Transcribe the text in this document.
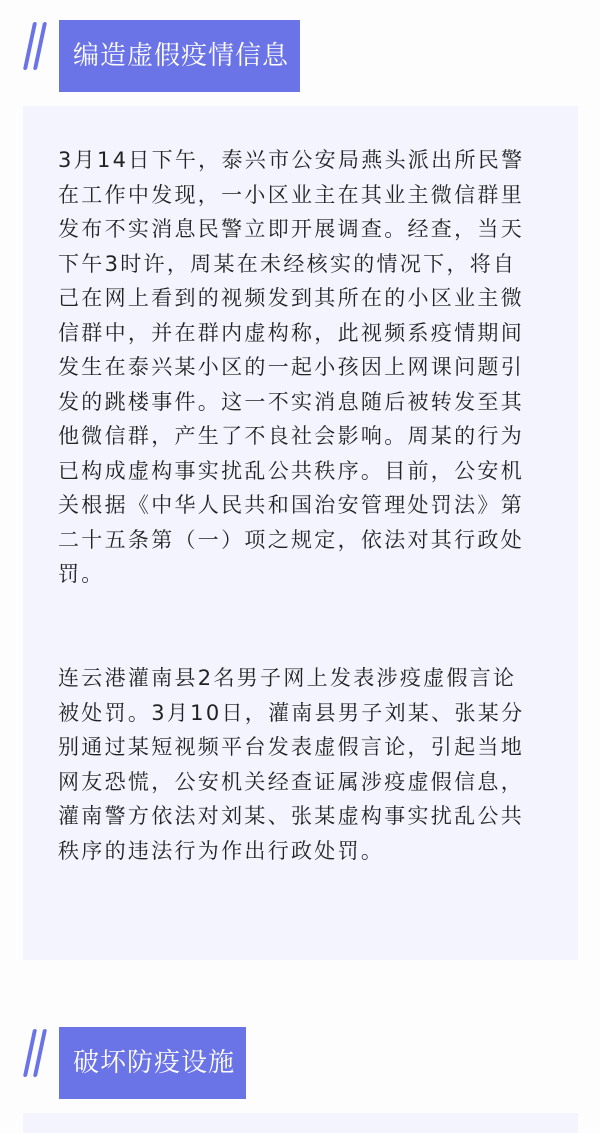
编造虚假疫情信息
3月14日下午，泰兴市公安局燕头派出所民警
在工作中发现，一小区业主在其业主微信群里
发布不实消息民警立即开展调查。经查，当天
下午3时许，周某在未经核实的情况下，将自
己在网上看到的视频发到其所在的小区业主微
信群中，并在群内虚构称，此视频系疫情期间
发生在泰兴某小区的一起小孩因上网课问题引
发的跳楼事件。这一不实消息随后被转发至其
他微信群，产生了不良社会影响。周某的行为
已构成虚构事实扰乱公共秩序。目前，公安机
关根据《中华人民共和国治安管理处罚法》第
二十五条第（一）项之规定，依法对其行政处
罚。
连云港灌南县2名男子网上发表涉疫虚假言论
被处罚。3月10日，灌南县男子刘某、张某分
别通过某短视频平台发表虚假言论，引起当地
网友恐慌，公安机关经查证属涉疫虚假信息，
灌南警方依法对刘某、张某虚构事实扰乱公共
秩序的违法行为作出行政处罚。
破坏防疫设施
